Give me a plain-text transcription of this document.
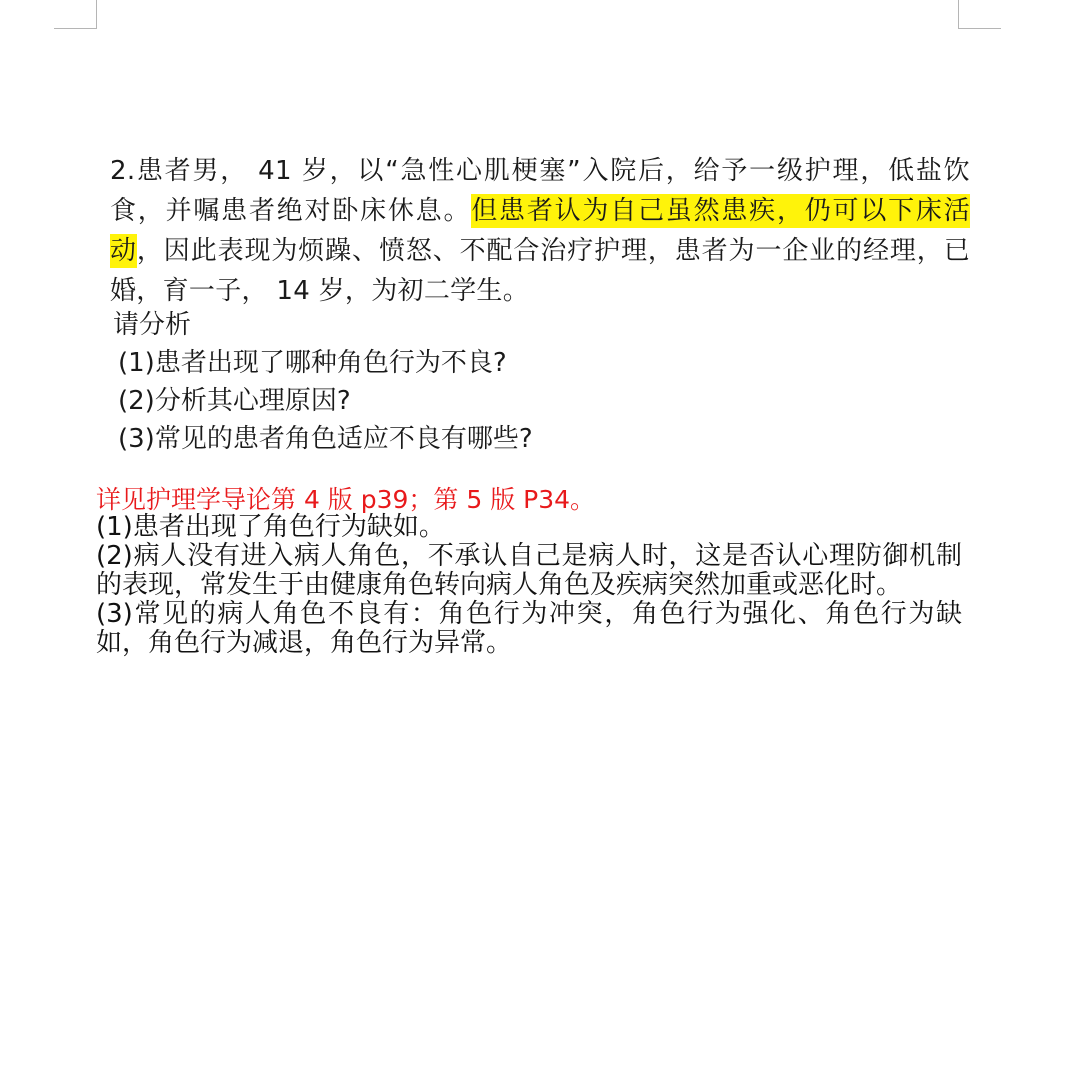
2.患者男， 41 岁，以“急性心肌梗塞”入院后，给予一级护理，低盐饮食，并嘱患者绝对卧床休息。但患者认为自己虽然患疾，仍可以下床活动，因此表现为烦躁、愤怒、不配合治疗护理，患者为一企业的经理，已婚，育一子， 14 岁，为初二学生。

请分析
(1)患者出现了哪种角色行为不良?
(2)分析其心理原因?
(3)常见的患者角色适应不良有哪些?
详见护理学导论第 4 版 p39；第 5 版 P34。
(1)患者出现了角色行为缺如。
(2)病人没有进入病人角色，不承认自己是病人时，这是否认心理防御机制的表现，常发生于由健康角色转向病人角色及疾病突然加重或恶化时。
(3)常见的病人角色不良有：角色行为冲突，角色行为强化、角色行为缺如，角色行为减退，角色行为异常。
